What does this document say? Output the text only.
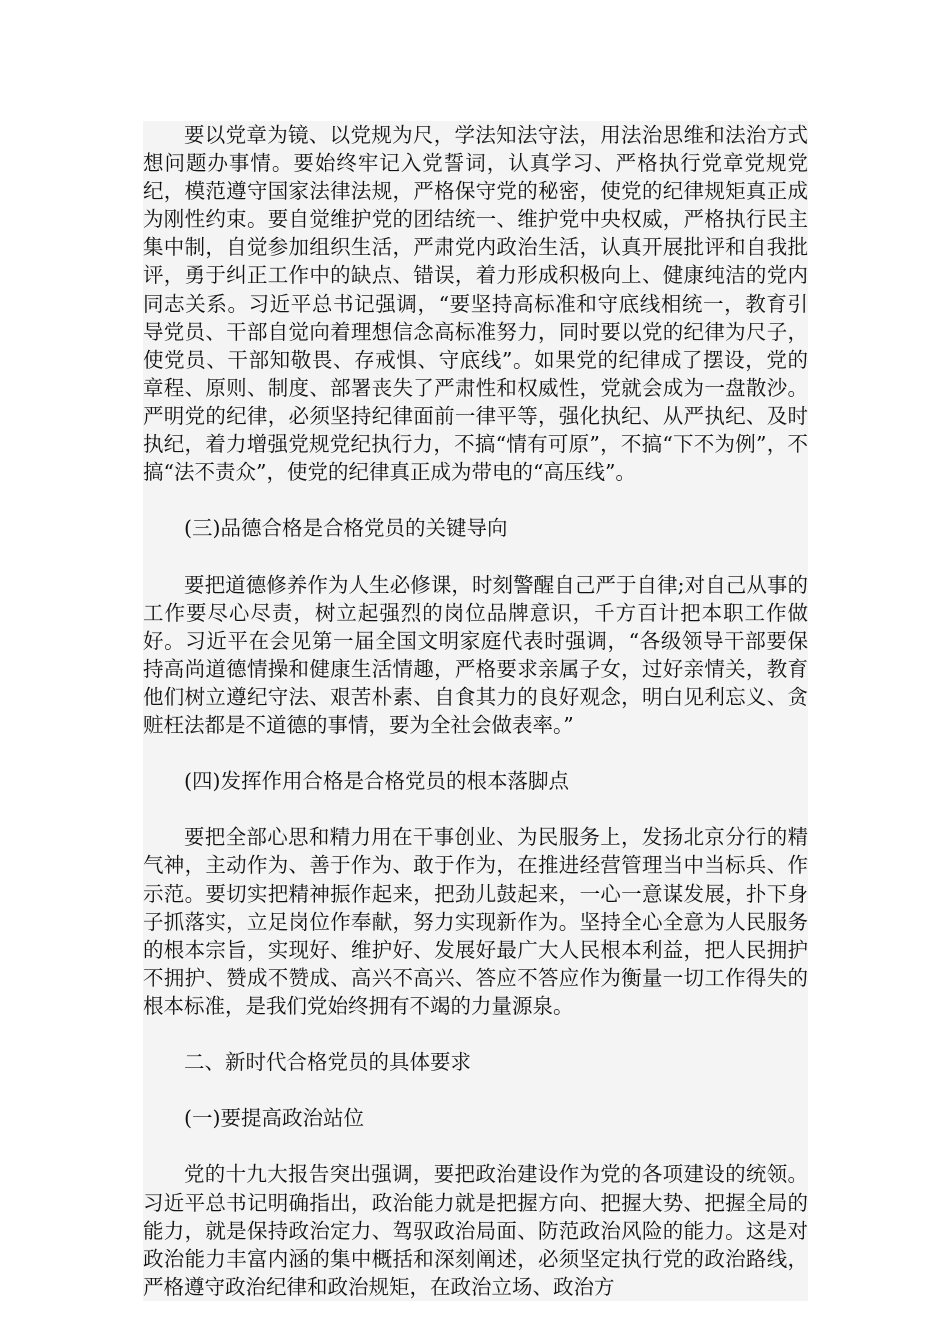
要以党章为镜、以党规为尺，学法知法守法，用法治思维和法治方式想问题办事情。要始终牢记入党誓词，认真学习、严格执行党章党规党纪，模范遵守国家法律法规，严格保守党的秘密，使党的纪律规矩真正成为刚性约束。要自觉维护党的团结统一、维护党中央权威，严格执行民主集中制，自觉参加组织生活，严肃党内政治生活，认真开展批评和自我批评，勇于纠正工作中的缺点、错误，着力形成积极向上、健康纯洁的党内同志关系。习近平总书记强调，“要坚持高标准和守底线相统一，教育引导党员、干部自觉向着理想信念高标准努力，同时要以党的纪律为尺子，使党员、干部知敬畏、存戒惧、守底线”。如果党的纪律成了摆设，党的章程、原则、制度、部署丧失了严肃性和权威性，党就会成为一盘散沙。严明党的纪律，必须坚持纪律面前一律平等，强化执纪、从严执纪、及时执纪，着力增强党规党纪执行力，不搞“情有可原”，不搞“下不为例”，不搞“法不责众”，使党的纪律真正成为带电的“高压线”。

(三)品德合格是合格党员的关键导向

要把道德修养作为人生必修课，时刻警醒自己严于自律;对自己从事的工作要尽心尽责，树立起强烈的岗位品牌意识，千方百计把本职工作做好。习近平在会见第一届全国文明家庭代表时强调，“各级领导干部要保持高尚道德情操和健康生活情趣，严格要求亲属子女，过好亲情关，教育他们树立遵纪守法、艰苦朴素、自食其力的良好观念，明白见利忘义、贪赃枉法都是不道德的事情，要为全社会做表率。”

(四)发挥作用合格是合格党员的根本落脚点

要把全部心思和精力用在干事创业、为民服务上，发扬北京分行的精气神，主动作为、善于作为、敢于作为，在推进经营管理当中当标兵、作示范。要切实把精神振作起来，把劲儿鼓起来，一心一意谋发展，扑下身子抓落实，立足岗位作奉献，努力实现新作为。坚持全心全意为人民服务的根本宗旨，实现好、维护好、发展好最广大人民根本利益，把人民拥护不拥护、赞成不赞成、高兴不高兴、答应不答应作为衡量一切工作得失的根本标准，是我们党始终拥有不竭的力量源泉。

二、新时代合格党员的具体要求

(一)要提高政治站位

党的十九大报告突出强调，要把政治建设作为党的各项建设的统领。习近平总书记明确指出，政治能力就是把握方向、把握大势、把握全局的能力，就是保持政治定力、驾驭政治局面、防范政治风险的能力。这是对政治能力丰富内涵的集中概括和深刻阐述，必须坚定执行党的政治路线，严格遵守政治纪律和政治规矩，在政治立场、政治方
